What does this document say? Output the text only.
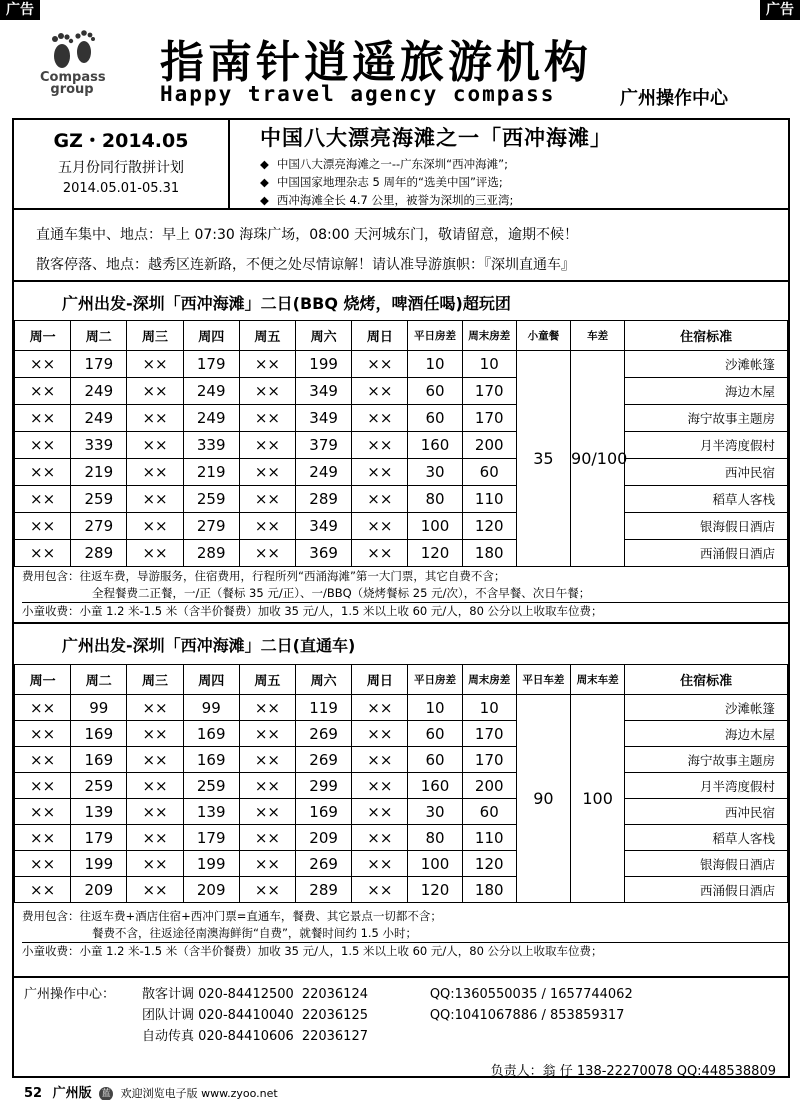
广告	广告
Compass
group
指南针逍遥旅游机构
Happy travel agency compass	广州操作中心
GZ・2014.05
五月份同行散拼计划
2014.05.01-05.31
中国八大漂亮海滩之一「西冲海滩」
◆ 中国八大漂亮海滩之一--广东深圳“西冲海滩”;
◆ 中国国家地理杂志 5 周年的“选美中国”评选;
◆ 西冲海滩全长 4.7 公里，被誉为深圳的三亚湾;

直通车集中、地点：早上 07:30 海珠广场，08:00 天河城东门，敬请留意，逾期不候！

散客停落、地点：越秀区连新路，不便之处尽情谅解！请认准导游旗帜：『深圳直通车』

广州出发-深圳「西冲海滩」二日(BBQ 烧烤，啤酒任喝)超玩团
周一	周二	周三	周四	周五	周六	周日	平日房差	周末房差	小童餐	车差	住宿标准
××	179	××	179	××	199	××	10	10	35	90/100	沙滩帐篷
××	249	××	249	××	349	××	60	170			海边木屋
××	249	××	249	××	349	××	60	170			海宁故事主题房
××	339	××	339	××	379	××	160	200			月半湾度假村
××	219	××	219	××	249	××	30	60			西冲民宿
××	259	××	259	××	289	××	80	110			稻草人客栈
××	279	××	279	××	349	××	100	120			银海假日酒店
××	289	××	289	××	369	××	120	180			西涌假日酒店
费用包含：往返车费，导游服务，住宿费用，行程所列“西涌海滩”第一大门票，其它自费不含；
全程餐费二正餐，一/正（餐标 35 元/正）、一/BBQ（烧烤餐标 25 元/次），不含早餐、次日午餐；
小童收费：小童 1.2 米-1.5 米（含半价餐费）加收 35 元/人，1.5 米以上收 60 元/人，80 公分以上收取车位费；
广州出发-深圳「西冲海滩」二日(直通车)
周一	周二	周三	周四	周五	周六	周日	平日房差	周末房差	平日车差	周末车差	住宿标准
××	99	××	99	××	119	××	10	10	90	100	沙滩帐篷
××	169	××	169	××	269	××	60	170			海边木屋
××	169	××	169	××	269	××	60	170			海宁故事主题房
××	259	××	259	××	299	××	160	200			月半湾度假村
××	139	××	139	××	169	××	30	60			西冲民宿
××	179	××	179	××	209	××	80	110			稻草人客栈
××	199	××	199	××	269	××	100	120			银海假日酒店
××	209	××	209	××	289	××	120	180			西涌假日酒店
费用包含：往返车费+酒店住宿+西冲门票=直通车，餐费、其它景点一切都不含；
餐费不含，往返途径南澳海鲜街“自费”，就餐时间约 1.5 小时；
小童收费：小童 1.2 米-1.5 米（含半价餐费）加收 35 元/人，1.5 米以上收 60 元/人，80 公分以上收取车位费；
广州操作中心： 散客计调 020-84412500 22036124	QQ:1360550035 / 1657744062
团队计调 020-84410040 22036125	QQ:1041067886 / 853859317
自动传真 020-84410606 22036127
负责人：翁 仔 138-22270078 QQ:448538809
52 广州版 蓝 欢迎浏览电子版 www.zyoo.net
